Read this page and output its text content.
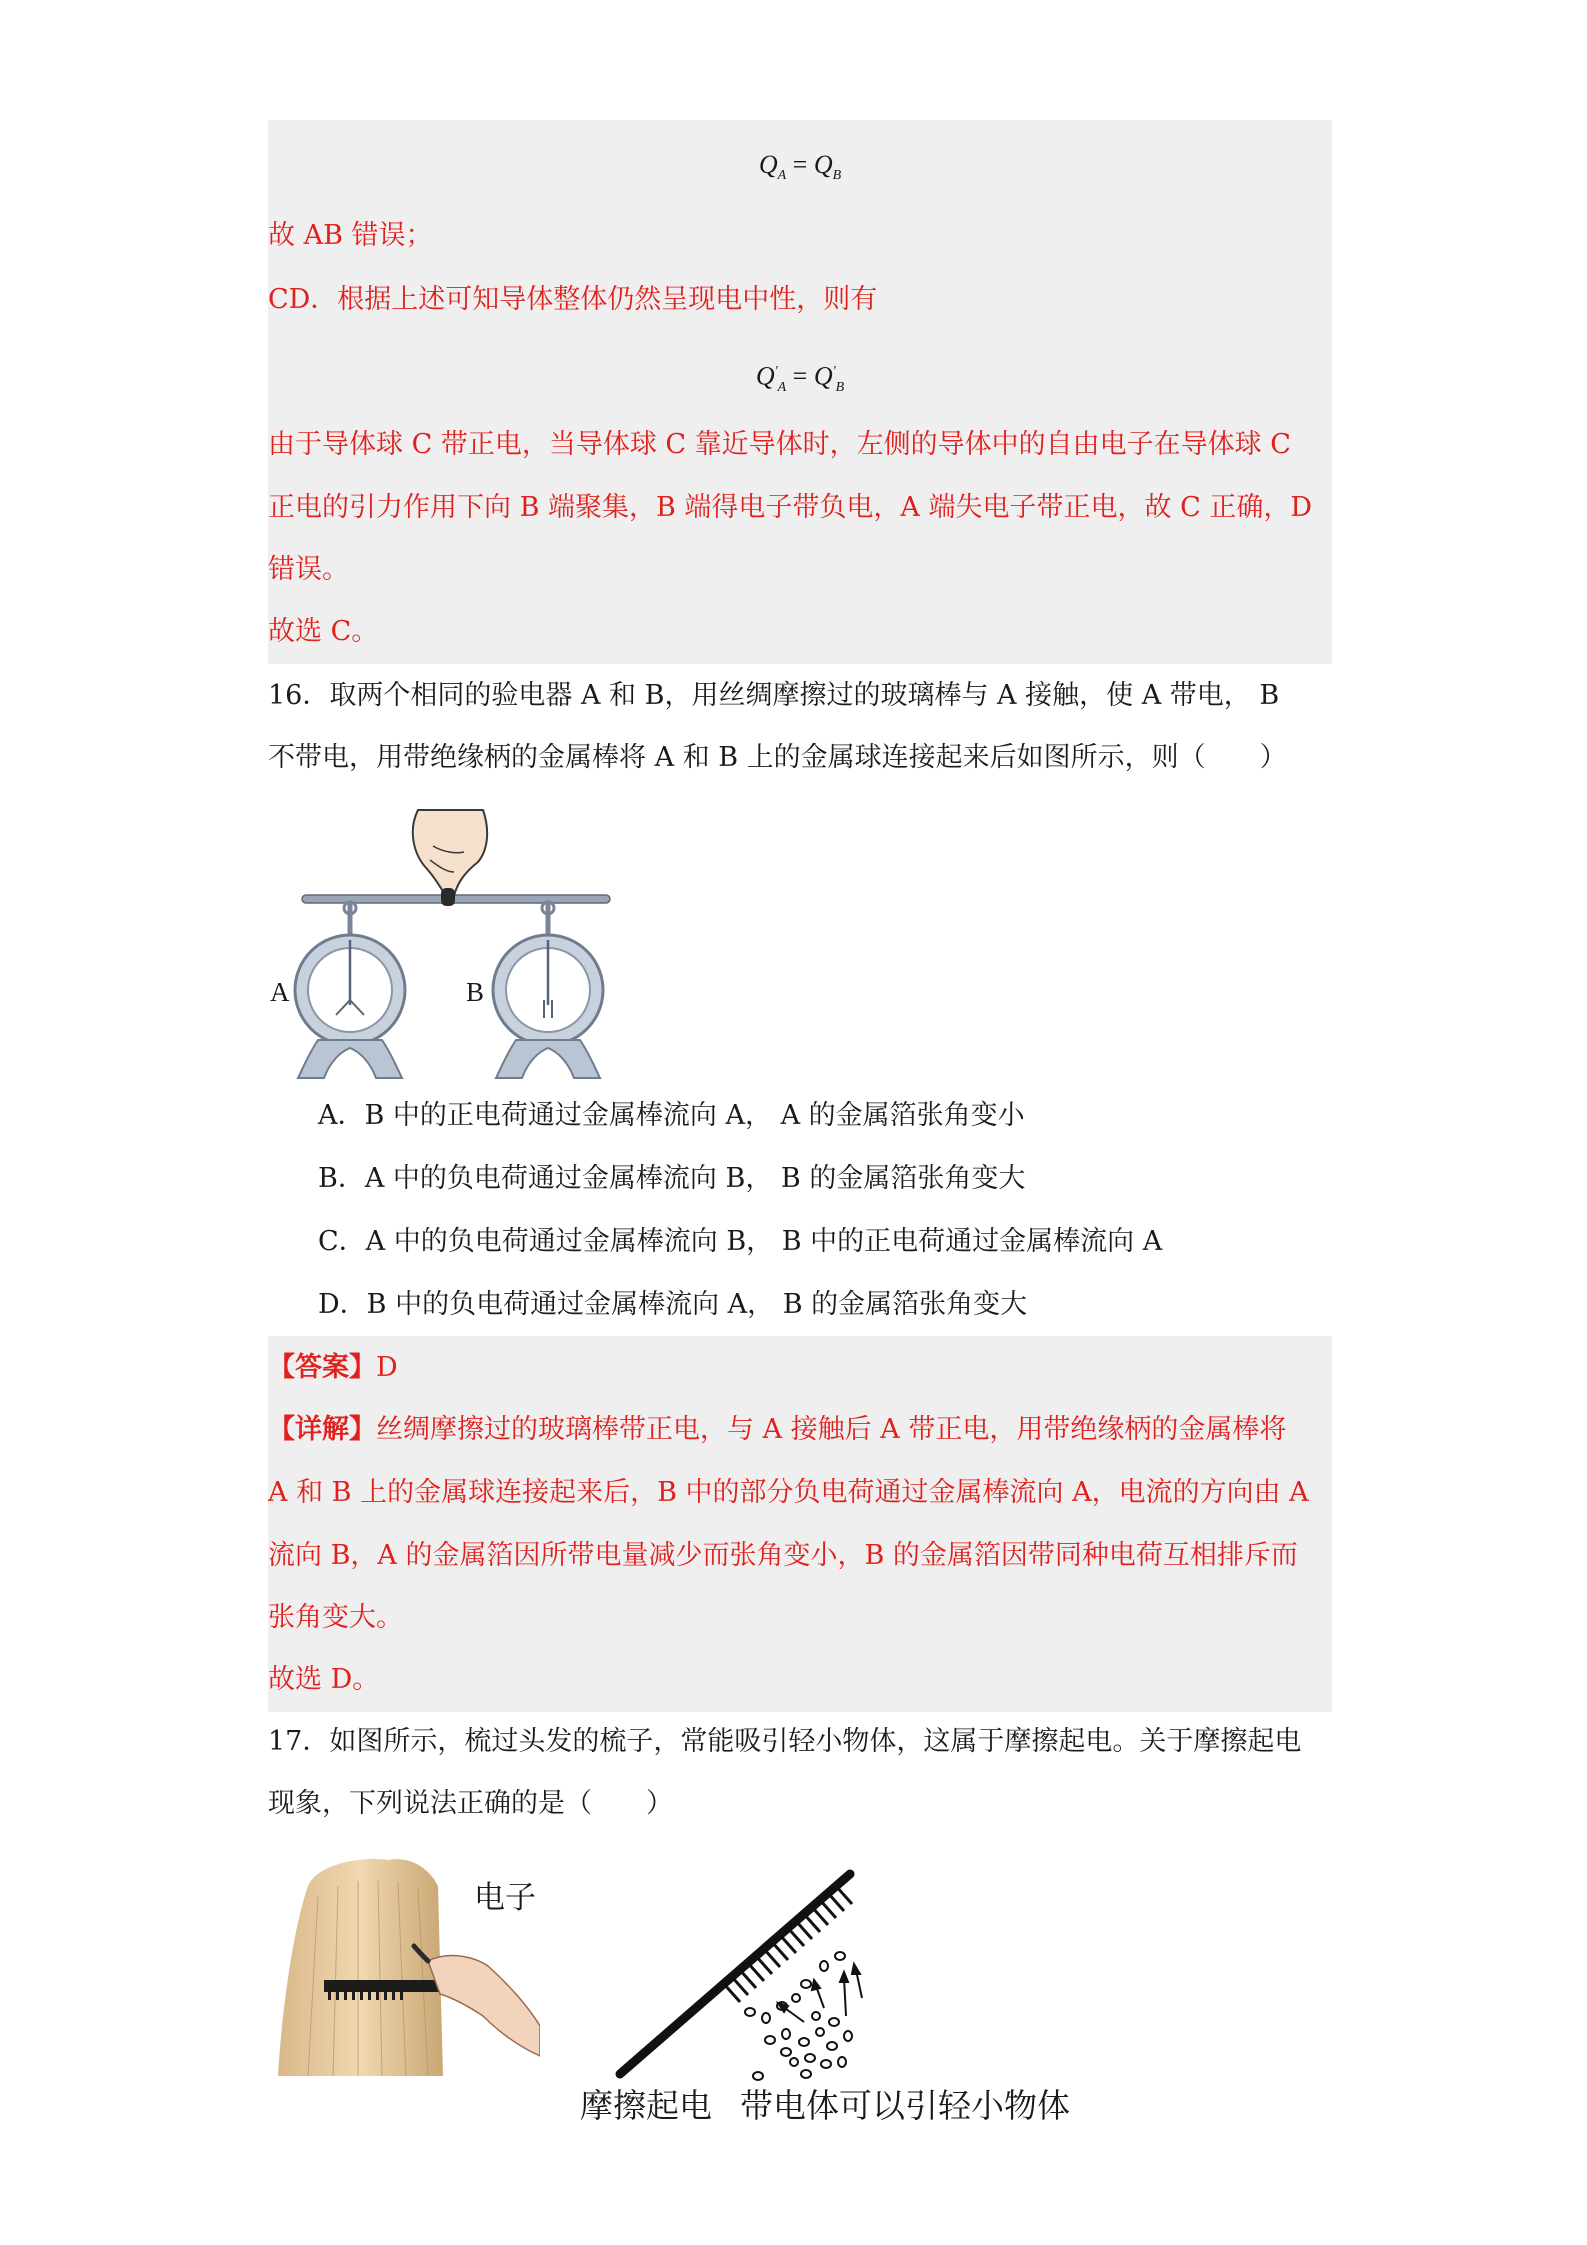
$Q_A = Q_B$
故 AB 错误；
CD．根据上述可知导体整体仍然呈现电中性，则有
$Q'_A = Q'_B$
由于导体球 C 带正电，当导体球 C 靠近导体时，左侧的导体中的自由电子在导体球 C
正电的引力作用下向 B 端聚集，B 端得电子带负电，A 端失电子带正电，故 C 正确，D
错误。
故选 C。
16．取两个相同的验电器 A 和 B，用丝绸摩擦过的玻璃棒与 A 接触，使 A 带电， B
不带电，用带绝缘柄的金属棒将 A 和 B 上的金属球连接起来后如图所示，则（　　）
A	B
A．B 中的正电荷通过金属棒流向 A， A 的金属箔张角变小
B．A 中的负电荷通过金属棒流向 B， B 的金属箔张角变大
C．A 中的负电荷通过金属棒流向 B， B 中的正电荷通过金属棒流向 A
D．B 中的负电荷通过金属棒流向 A， B 的金属箔张角变大
【答案】D
【详解】丝绸摩擦过的玻璃棒带正电，与 A 接触后 A 带正电，用带绝缘柄的金属棒将
A 和 B 上的金属球连接起来后，B 中的部分负电荷通过金属棒流向 A，电流的方向由 A
流向 B，A 的金属箔因所带电量减少而张角变小，B 的金属箔因带同种电荷互相排斥而
张角变大。
故选 D。
17．如图所示，梳过头发的梳子，常能吸引轻小物体，这属于摩擦起电。关于摩擦起电
现象，下列说法正确的是（　　）
电子
摩擦起电 带电体可以引轻小物体
